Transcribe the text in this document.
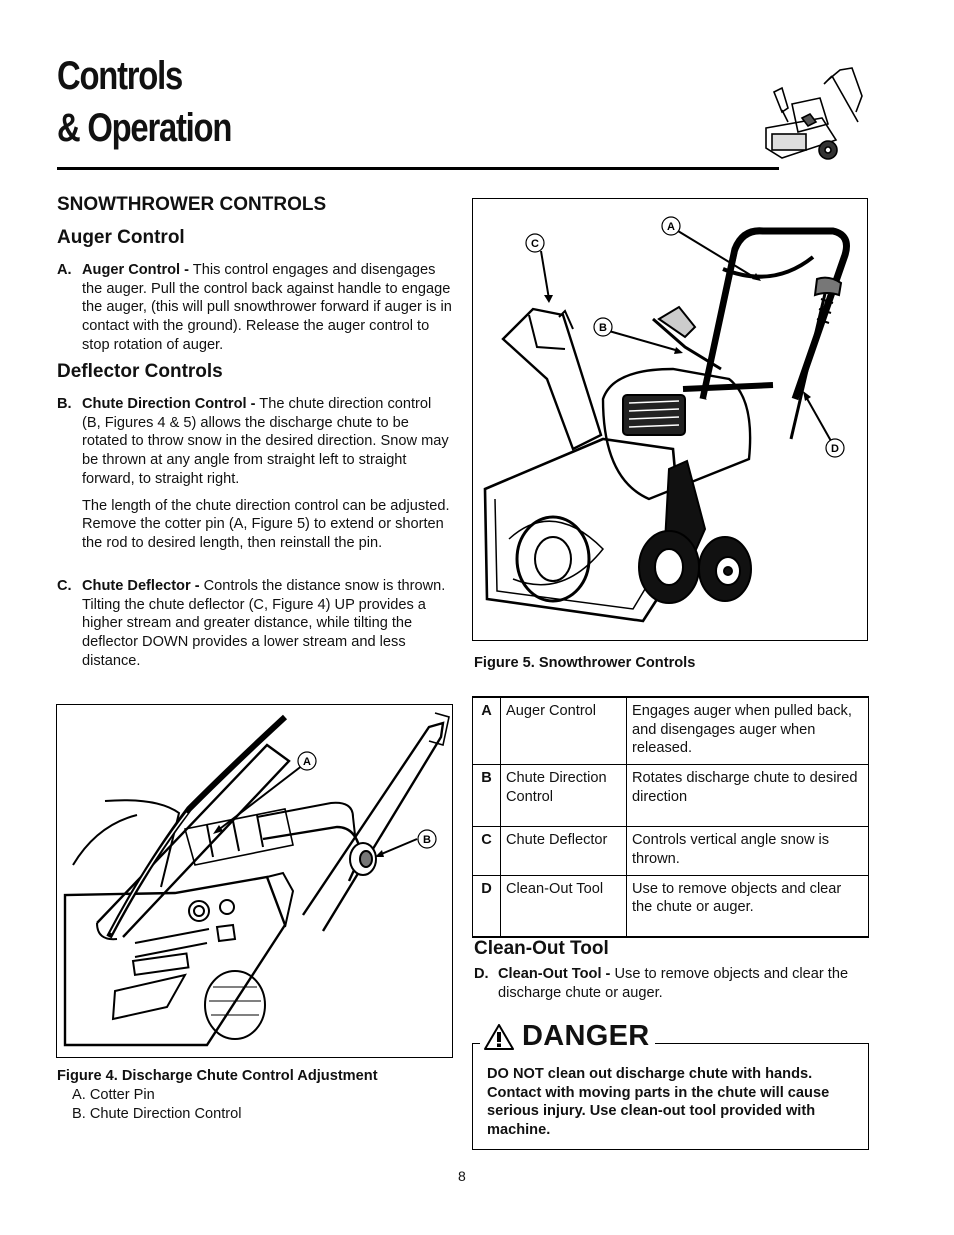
Controls
& Operation
SNOWTHROWER CONTROLS
Auger Control
A. Auger Control - This control engages and disengages the auger. Pull the control back against handle to engage the auger, (this will pull snowthrower forward if auger is in contact with the ground). Release the auger control to stop rotation of auger.
Deflector Controls
B. Chute Direction Control - The chute direction control (B, Figures 4 & 5) allows the discharge chute to be rotated to throw snow in the desired direction. Snow may be thrown at any angle from straight left to straight forward, to straight right.
The length of the chute direction control can be adjusted. Remove the cotter pin (A, Figure 5) to extend or shorten the rod to desired length, then reinstall the pin.
C. Chute Deflector - Controls the distance snow is thrown. Tilting the chute deflector (C, Figure 4) UP provides a higher stream and greater distance, while tilting the deflector DOWN provides a lower stream and less distance.
C
A
B
D
Figure 5. Snowthrower Controls
A
B
Figure 4. Discharge Chute Control Adjustment
A. Cotter Pin
B. Chute Direction Control
A	Auger Control	Engages auger when pulled back, and disengages auger when released.
B	Chute Direction Control	Rotates discharge chute to desired direction
C	Chute Deflector	Controls vertical angle snow is thrown.
D	Clean-Out Tool	Use to remove objects and clear the chute or auger.
Clean-Out Tool
D. Clean-Out Tool - Use to remove objects and clear the discharge chute or auger.
DANGER
DO NOT clean out discharge chute with hands. Contact with moving parts in the chute will cause serious injury. Use clean-out tool provided with machine.
8
